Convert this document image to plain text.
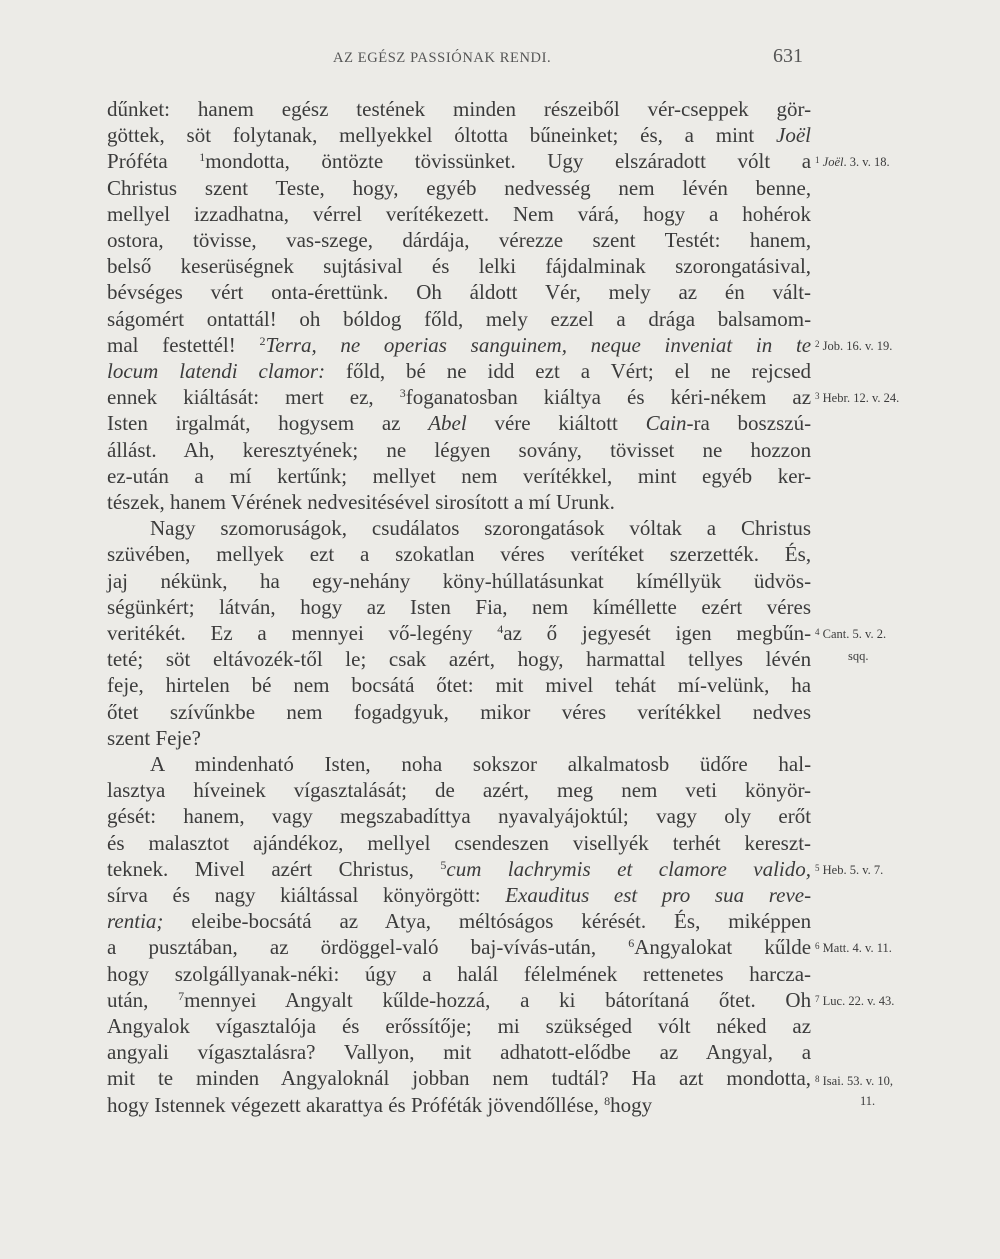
AZ EGÉSZ PASSIÓNAK RENDI.	631
dűnket: hanem egész testének minden részeiből vér-cseppek gör-
göttek, söt folytanak, mellyekkel óltotta bűneinket; és, a mint Joël
Próféta	$^1$mondotta, öntözte tövissünket. Ugy elszáradott vólt a
Christus szent Teste, hogy, egyéb nedvesség nem lévén benne,
mellyel izzadhatna, vérrel verítékezett. Nem várá, hogy a hohérok
ostora, tövisse, vas-szege, dárdája, vérezze szent Testét: hanem,
belső keserüségnek sujtásival és lelki fájdalminak szorongatásival,
bévséges vért onta-érettünk. Oh áldott Vér, mely az én vált-
ságomért ontattál! oh bóldog főld, mely ezzel a drága balsamom-
mal festettél! $^2$Terra, ne operias sanguinem, neque inveniat in te
locum latendi clamor: főld, bé ne idd ezt a Vért; el ne rejcsed
ennek kiáltását: mert ez, $^3$foganatosban kiáltya és kéri-nékem az
Isten irgalmát, hogysem az Abel vére kiáltott Cain-ra boszszú-
állást. Ah, keresztyének; ne légyen sovány, tövisset ne hozzon
ez-után a mí kertűnk; mellyet nem verítékkel, mint egyéb ker-
tészek, hanem Vérének nedvesitésével sirosított a mí Urunk.
Nagy szomoruságok, csudálatos szorongatások vóltak a Christus
szüvében, mellyek ezt a szokatlan véres verítéket szerzették. És,
jaj nékünk, ha egy-nehány köny-húllatásunkat kíméllyük üdvös-
ségünkért; látván, hogy az Isten Fia, nem kíméllette ezért véres
veritékét. Ez a mennyei vő-legény $^4$az ő jegyesét igen megbűn-
teté; söt eltávozék-től le; csak azért, hogy, harmattal tellyes lévén
feje, hirtelen bé nem bocsátá őtet: mit mivel tehát mí-velünk, ha
őtet szívűnkbe nem fogadgyuk, mikor véres verítékkel nedves
szent Feje?
A mindenható Isten, noha sokszor alkalmatosb üdőre hal-
lasztya híveinek vígasztalását; de azért, meg nem veti könyör-
gését: hanem, vagy megszabadíttya nyavalyájoktúl; vagy oly erőt
és malasztot ajándékoz, mellyel csendeszen visellyék terhét kereszt-
teknek. Mivel azért Christus, $^5$cum lachrymis et clamore valido,
sírva és nagy kiáltással könyörgött: Exauditus est pro sua reve-
rentia; eleibe-bocsátá az Atya, méltóságos kérését. És, miképpen
a pusztában, az ördöggel-való baj-vívás-után,	$^6$Angyalokat kűlde
hogy szolgállyanak-néki: úgy a halál félelmének rettenetes harcza-
után, $^7$mennyei Angyalt kűlde-hozzá, a ki bátorítaná őtet. Oh
Angyalok vígasztalója és erőssítője; mi szükséged vólt néked az
angyali vígasztalásra? Vallyon, mit adhatott-elődbe az Angyal, a
mit te minden Angyaloknál jobban nem tudtál? Ha azt mondotta,
hogy Istennek végezett akarattya és Próféták jövendőllése, $^8$hogy
$^1$ Joël. 3. v. 18.
$^2$ Job. 16. v. 19.
$^3$ Hebr. 12. v. 24.
$^4$ Cant. 5. v. 2.
sqq.
$^5$ Heb. 5. v. 7.
$^6$ Matt. 4. v. 11.
$^7$ Luc. 22. v. 43.
$^8$ Isai. 53. v. 10,
11.
